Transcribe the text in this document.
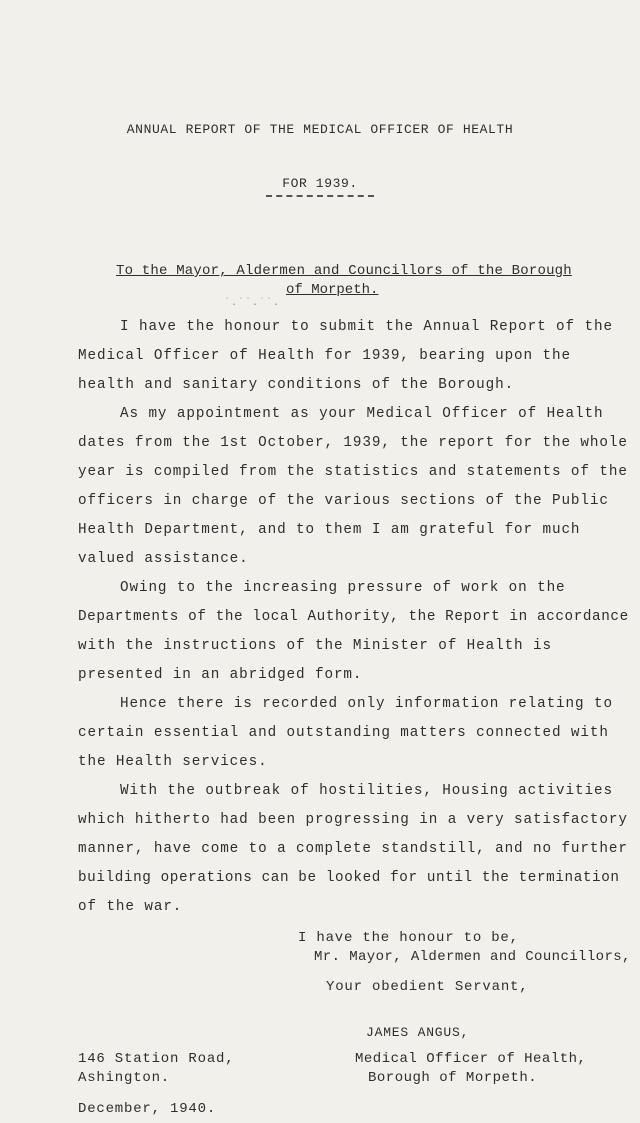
ANNUAL REPORT OF THE MEDICAL OFFICER OF HEALTH
FOR 1939.
To the Mayor, Aldermen and Councillors of the Borough
of Morpeth.
˙.˙˙.˙˙.
I have the honour to submit the Annual Report of the
Medical Officer of Health for 1939, bearing upon the
health and sanitary conditions of the Borough.
As my appointment as your Medical Officer of Health
dates from the 1st October, 1939, the report for the whole
year is compiled from the statistics and statements of the
officers in charge of the various sections of the Public
Health Department, and to them I am grateful for much
valued assistance.
Owing to the increasing pressure of work on the
Departments of the local Authority, the Report in accordance
with the instructions of the Minister of Health is
presented in an abridged form.
Hence there is recorded only information relating to
certain essential and outstanding matters connected with
the Health services.
With the outbreak of hostilities, Housing activities
which hitherto had been progressing in a very satisfactory
manner, have come to a complete standstill, and no further
building operations can be looked for until the termination
of the war.
I have the honour to be,
Mr. Mayor, Aldermen and Councillors,
Your obedient Servant,
JAMES ANGUS,
Medical Officer of Health,
Borough of Morpeth.
146 Station Road,
Ashington.
December, 1940.
